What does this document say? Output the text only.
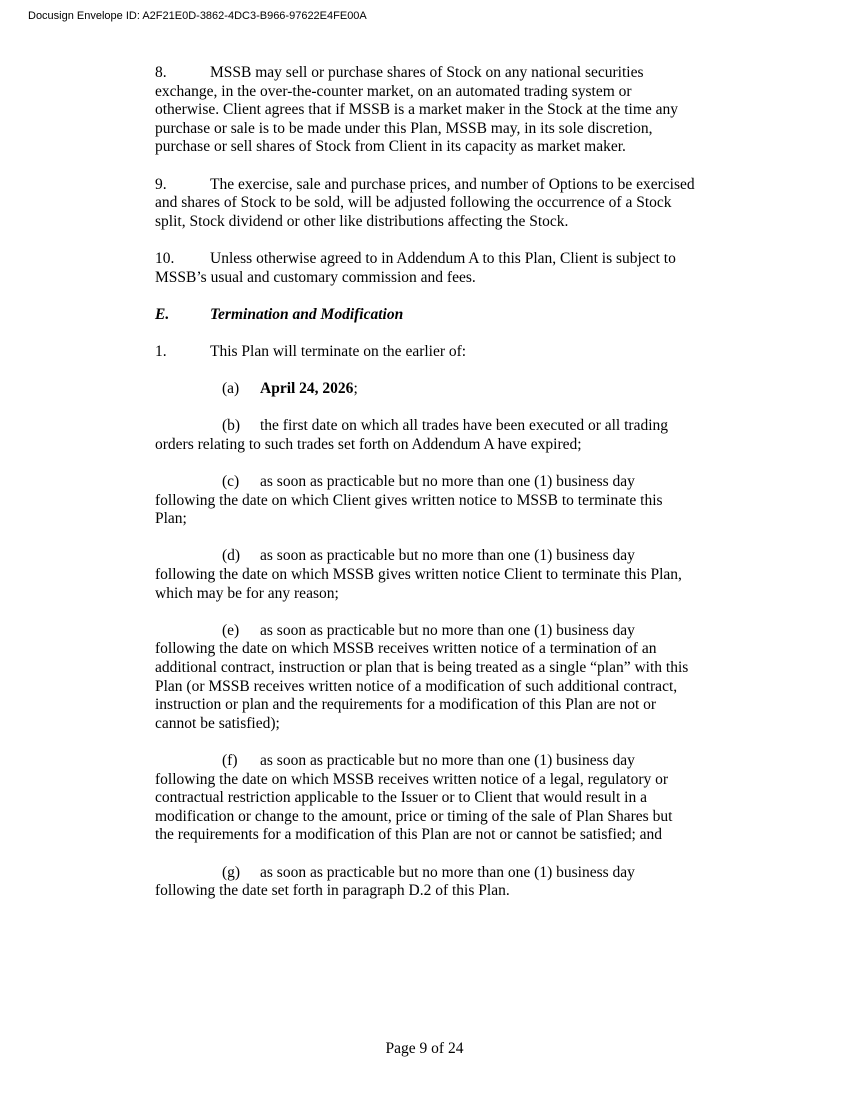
Docusign Envelope ID: A2F21E0D-3862-4DC3-B966-97622E4FE00A

8.	MSSB may sell or purchase shares of Stock on any national securities exchange, in the over-the-counter market, on an automated trading system or otherwise. Client agrees that if MSSB is a market maker in the Stock at the time any purchase or sale is to be made under this Plan, MSSB may, in its sole discretion, purchase or sell shares of Stock from Client in its capacity as market maker.

9.	The exercise, sale and purchase prices, and number of Options to be exercised and shares of Stock to be sold, will be adjusted following the occurrence of a Stock split, Stock dividend or other like distributions affecting the Stock.

10. Unless otherwise agreed to in Addendum A to this Plan, Client is subject to MSSB’s usual and customary commission and fees.

E.	Termination and Modification

1.	This Plan will terminate on the earlier of:

(a) April 24, 2026;

(b) the first date on which all trades have been executed or all trading orders relating to such trades set forth on Addendum A have expired;

(c) as soon as practicable but no more than one (1) business day following the date on which Client gives written notice to MSSB to terminate this Plan;

(d) as soon as practicable but no more than one (1) business day following the date on which MSSB gives written notice Client to terminate this Plan, which may be for any reason;

(e) as soon as practicable but no more than one (1) business day following the date on which MSSB receives written notice of a termination of an additional contract, instruction or plan that is being treated as a single “plan” with this Plan (or MSSB receives written notice of a modification of such additional contract, instruction or plan and the requirements for a modification of this Plan are not or cannot be satisfied);

(f) as soon as practicable but no more than one (1) business day following the date on which MSSB receives written notice of a legal, regulatory or contractual restriction applicable to the Issuer or to Client that would result in a modification or change to the amount, price or timing of the sale of Plan Shares but the requirements for a modification of this Plan are not or cannot be satisfied; and

(g) as soon as practicable but no more than one (1) business day following the date set forth in paragraph D.2 of this Plan.

Page 9 of 24
